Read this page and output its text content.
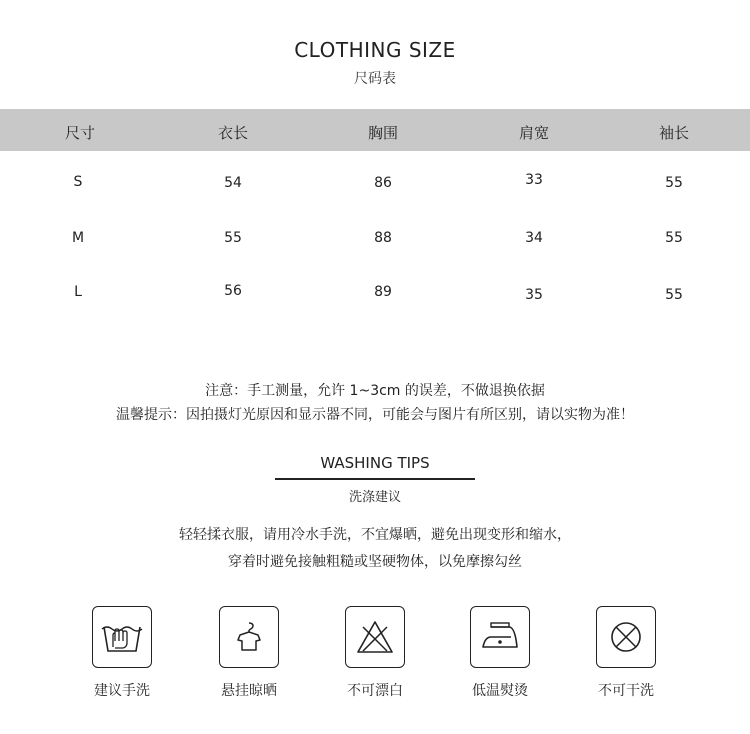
CLOTHING SIZE
尺码表
尺寸	衣长	胸围	肩宽	袖长
S	54	86	33	55
M	55	88	34	55
L	56	89	35	55
注意：手工测量，允许 1~3cm 的误差，不做退换依据
温馨提示：因拍摄灯光原因和显示器不同，可能会与图片有所区别，请以实物为准！
WASHING TIPS
洗涤建议
轻轻揉衣服，请用冷水手洗，不宜爆晒，避免出现变形和缩水，
穿着时避免接触粗糙或坚硬物体，以免摩擦勾丝
建议手洗	悬挂晾晒	不可漂白	低温熨烫	不可干洗
